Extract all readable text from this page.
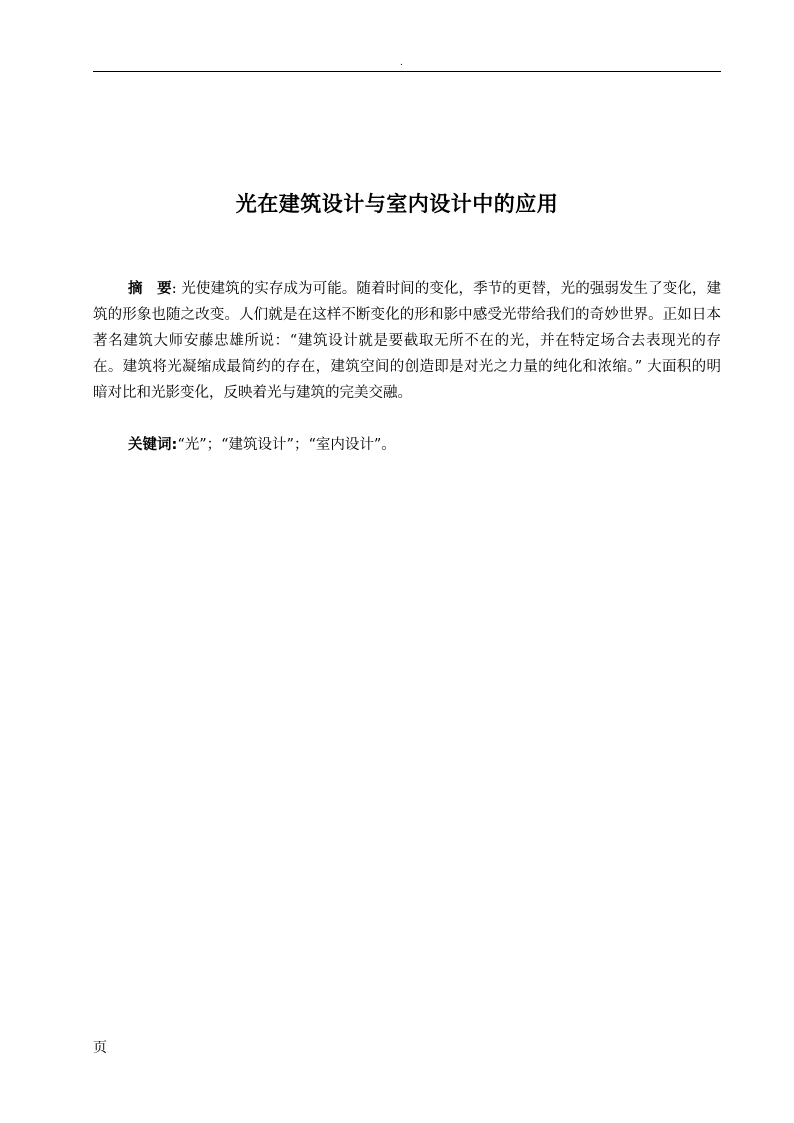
.
光在建筑设计与室内设计中的应用

摘　要: 光使建筑的实存成为可能。随着时间的变化，季节的更替，光的强弱发生了变化，建筑的形象也随之改变。人们就是在这样不断变化的形和影中感受光带给我们的奇妙世界。正如日本著名建筑大师安藤忠雄所说：“建筑设计就是要截取无所不在的光，并在特定场合去表现光的存在。建筑将光凝缩成最简约的存在，建筑空间的创造即是对光之力量的纯化和浓缩。” 大面积的明暗对比和光影变化，反映着光与建筑的完美交融。

关键词:“光”；“建筑设计”；“室内设计”。

页
